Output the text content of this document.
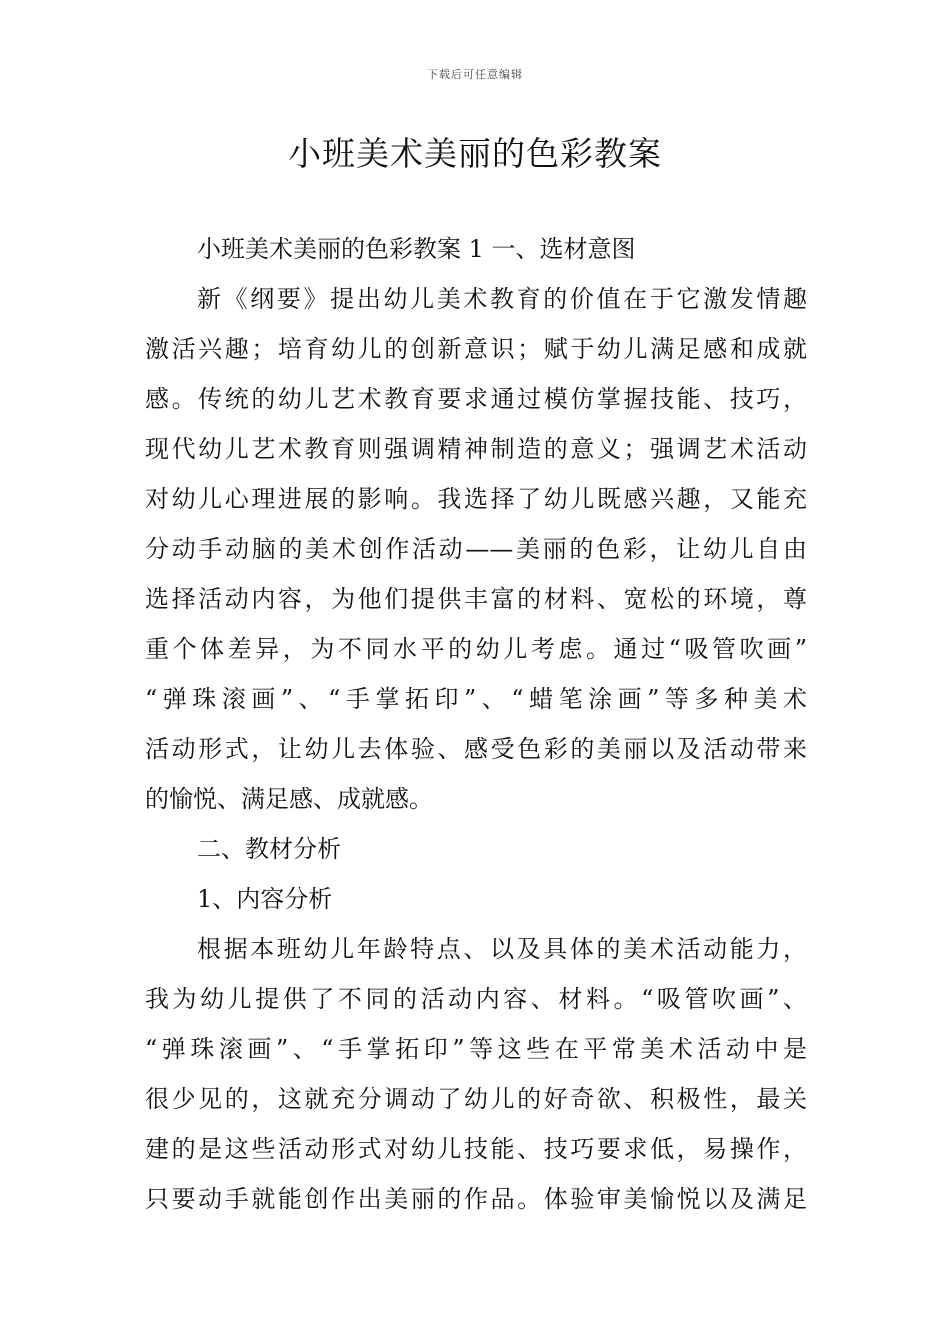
下载后可任意编辑
小班美术美丽的色彩教案
小班美术美丽的色彩教案 1 一、选材意图
新《纲要》提出幼儿美术教育的价值在于它激发情趣
激活兴趣；培育幼儿的创新意识；赋于幼儿满足感和成就
感。传统的幼儿艺术教育要求通过模仿掌握技能、技巧，
现代幼儿艺术教育则强调精神制造的意义；强调艺术活动
对幼儿心理进展的影响。我选择了幼儿既感兴趣，又能充
分动手动脑的美术创作活动——美丽的色彩，让幼儿自由
选择活动内容，为他们提供丰富的材料、宽松的环境，尊
重个体差异，为不同水平的幼儿考虑。通过“吸管吹画”
“弹珠滚画”、“手掌拓印”、“蜡笔涂画”等多种美术
活动形式，让幼儿去体验、感受色彩的美丽以及活动带来
的愉悦、满足感、成就感。
二、教材分析
1、内容分析
根据本班幼儿年龄特点、以及具体的美术活动能力，
我为幼儿提供了不同的活动内容、材料。“吸管吹画”、
“弹珠滚画”、“手掌拓印”等这些在平常美术活动中是
很少见的，这就充分调动了幼儿的好奇欲、积极性，最关
建的是这些活动形式对幼儿技能、技巧要求低，易操作，
只要动手就能创作出美丽的作品。体验审美愉悦以及满足
